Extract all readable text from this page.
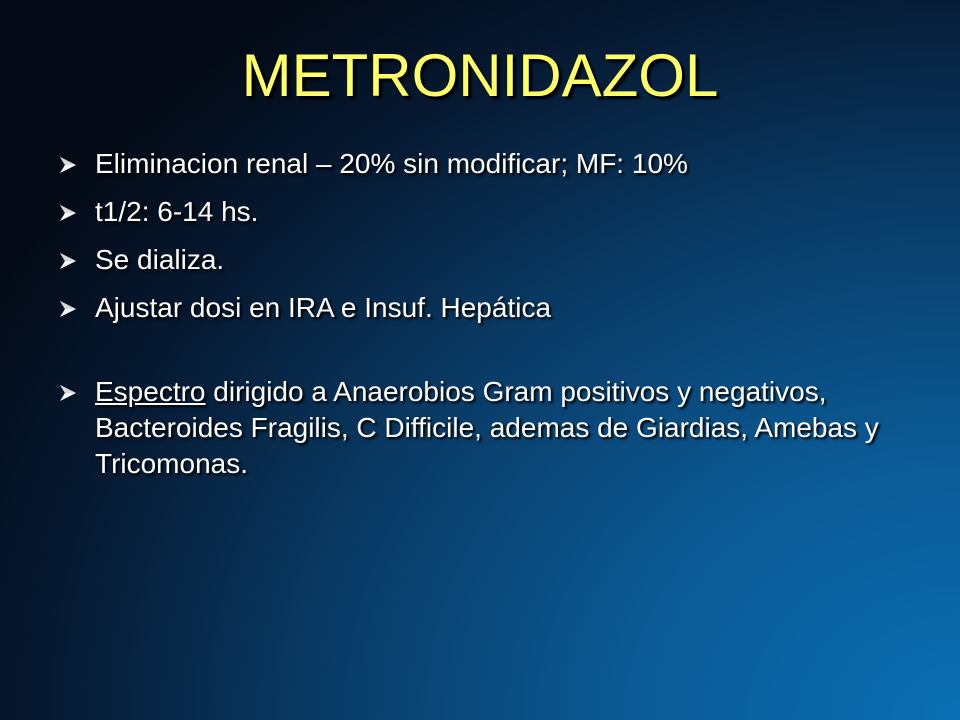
METRONIDAZOL
Eliminacion renal – 20% sin modificar; MF: 10%
t1/2: 6-14 hs.
Se dializa.
Ajustar dosi en IRA e Insuf. Hepática
Espectro dirigido a Anaerobios Gram positivos y negativos, Bacteroides Fragilis, C Difficile, ademas de Giardias, Amebas y Tricomonas.
